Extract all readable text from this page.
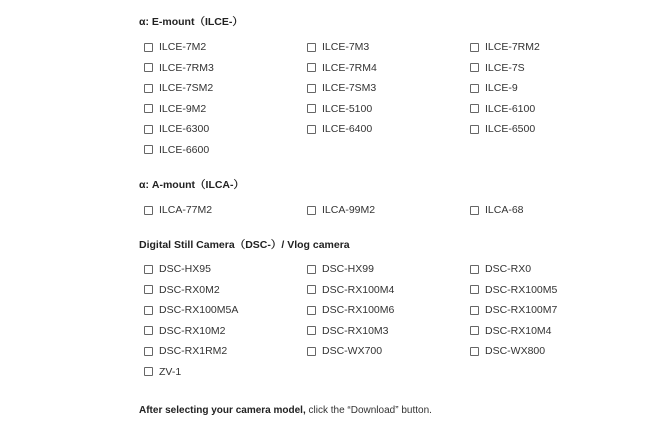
α: E-mount（ILCE-）
ILCE-7M2	ILCE-7M3	ILCE-7RM2
ILCE-7RM3	ILCE-7RM4	ILCE-7S
ILCE-7SM2	ILCE-7SM3	ILCE-9
ILCE-9M2	ILCE-5100	ILCE-6100
ILCE-6300	ILCE-6400	ILCE-6500
ILCE-6600
α: A-mount（ILCA-）
ILCA-77M2	ILCA-99M2	ILCA-68
Digital Still Camera（DSC-）/ Vlog camera
DSC-HX95	DSC-HX99	DSC-RX0
DSC-RX0M2	DSC-RX100M4	DSC-RX100M5
DSC-RX100M5A	DSC-RX100M6	DSC-RX100M7
DSC-RX10M2	DSC-RX10M3	DSC-RX10M4
DSC-RX1RM2	DSC-WX700	DSC-WX800
ZV-1
After selecting your camera model, click the “Download” button.
